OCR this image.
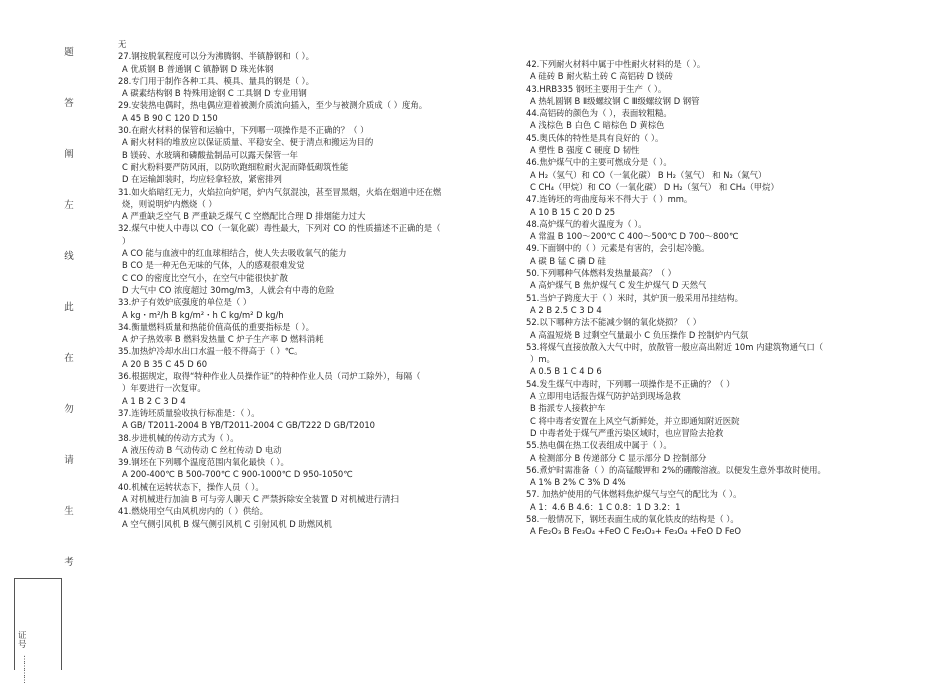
题
答
阐
左
线
此
在
勿
请
生
考
证号
…………
无
27.钢按脱氧程度可以分为沸腾钢、半镇静钢和（ ）。
A 优质钢 B 普通钢 C 镇静钢 D 珠光体钢
28.专门用于制作各种工具、模具、量具的钢是（ ）。
A 碳素结构钢 B 特殊用途钢 C 工具钢 D 专业用钢
29.安装热电偶时，热电偶应迎着被测介质流向插入，至少与被测介质成（ ）度角。
A 45 B 90 C 120 D 150
30.在耐火材料的保管和运输中，下列哪一项操作是不正确的？（ ）
A 耐火材料的堆放应以保证质量、平稳安全、便于清点和搬运为目的
B 镁砖、水玻璃和磷酸盐制品可以露天保管一年
C 耐火粉料要严防风雨，以防吹跑细粒耐火泥而降低砌筑性能
D 在运输卸装时，均应轻拿轻放，紧密排列
31.如火焰暗红无力，火焰拉向炉尾，炉内气氛混浊，甚至冒黑烟，火焰在烟道中还在燃
烧，则说明炉内燃烧（ ）
A 严重缺乏空气 B 严重缺乏煤气 C 空燃配比合理 D 排烟能力过大
32.煤气中使人中毒以 CO（一氧化碳）毒性最大，下列对 CO 的性质描述不正确的是（
）
A CO 能与血液中的红血球相结合，使人失去吸收氧气的能力
B CO 是一种无色无味的气体，人的感观很难发觉
C CO 的密度比空气小，在空气中能很快扩散
D 大气中 CO 浓度超过 30mg/m3，人就会有中毒的危险
33.炉子有效炉底强度的单位是（ ）
A kg・m²/h B kg/m²・h C kg/m² D kg/h
34.衡量燃料质量和热能价值高低的重要指标是（ ）。
A 炉子热效率 B 燃料发热量 C 炉子生产率 D 燃料消耗
35.加热炉冷却水出口水温一般不得高于（ ）℃。
A 20 B 35 C 45 D 60
36.根据规定，取得“特种作业人员操作证”的特种作业人员（司炉工除外），每隔（
）年要进行一次复审。
A 1 B 2 C 3 D 4
37.连铸坯质量验收执行标准是：（ ）。
A GB/ T2011-2004 B YB/T2011-2004 C GB/T222 D GB/T2010
38.步进机械的传动方式为（ ）。
A 液压传动 B 气动传动 C 丝杠传动 D 电动
39.钢坯在下列哪个温度范围内氧化最快（ ）。
A 200-400℃ B 500-700℃ C 900-1000℃ D 950-1050℃
40.机械在运转状态下，操作人员（ ）。
A 对机械进行加油 B 可与旁人聊天 C 严禁拆除安全装置 D 对机械进行清扫
41.燃烧用空气由风机房内的（ ）供给。
A 空气侧引风机 B 煤气侧引风机 C 引射风机 D 助燃风机
42.下列耐火材料中属于中性耐火材料的是（ ）。
A 硅砖 B 耐火粘土砖 C 高铝砖 D 镁砖
43.HRB335 钢坯主要用于生产（ ）。
A 热轧圆钢 B Ⅱ级螺纹钢 C Ⅲ级螺纹钢 D 钢管
44.高铝砖的颜色为（ ），表面较粗糙。
A 浅棕色 B 白色 C 暗棕色 D 黄棕色
45.奥氏体的特性是具有良好的（ ）。
A 塑性 B 强度 C 硬度 D 韧性
46.焦炉煤气中的主要可燃成分是（ ）。
A H₂（氢气）和 CO（一氧化碳） B H₂（氢气） 和 N₂（氮气）
C CH₄（甲烷）和 CO（一氧化碳） D H₂（氢气） 和 CH₄（甲烷）
47.连铸坯的弯曲度每米不得大于（ ）mm。
A 10 B 15 C 20 D 25
48.高炉煤气的着火温度为（ ）。
A 常温 B 100～200℃ C 400～500℃ D 700～800℃
49.下面钢中的（ ）元素是有害的，会引起冷脆。
A 碳 B 锰 C 磷 D 硅
50.下列哪种气体燃料发热量最高？（ ）
A 高炉煤气 B 焦炉煤气 C 发生炉煤气 D 天然气
51.当炉子跨度大于（ ）米时，其炉顶一般采用吊挂结构。
A 2 B 2.5 C 3 D 4
52.以下哪种方法不能减少钢的氧化烧损？（ ）
A 高温短烧 B 过剩空气量最小 C 负压操作 D 控制炉内气氛
53.将煤气直接放散入大气中时，放散管一般应高出附近 10m 内建筑物通气口（
）m。
A 0.5 B 1 C 4 D 6
54.发生煤气中毒时，下列哪一项操作是不正确的？（ ）
A 立即用电话报告煤气防护站到现场急救
B 指派专人接救护车
C 将中毒者安置在上风空气新鲜处，并立即通知附近医院
D 中毒者处于煤气严重污染区域时，也应冒险去抢救
55.热电偶在热工仪表组成中属于（ ）。
A 检测部分 B 传递部分 C 显示部分 D 控制部分
56.煮炉时需准备（ ）的高锰酸钾和 2%的硼酸溶液。以便发生意外事故时使用。
A 1% B 2% C 3% D 4%
57. 加热炉使用的气体燃料焦炉煤气与空气的配比为（ ）。
A 1：4.6 B 4.6：1 C 0.8：1 D 3.2：1
58.一般情况下，钢坯表面生成的氧化铁皮的结构是（ ）。
A Fe₂O₃ B Fe₃O₄ +FeO C Fe₂O₃+ Fe₃O₄ +FeO D FeO
